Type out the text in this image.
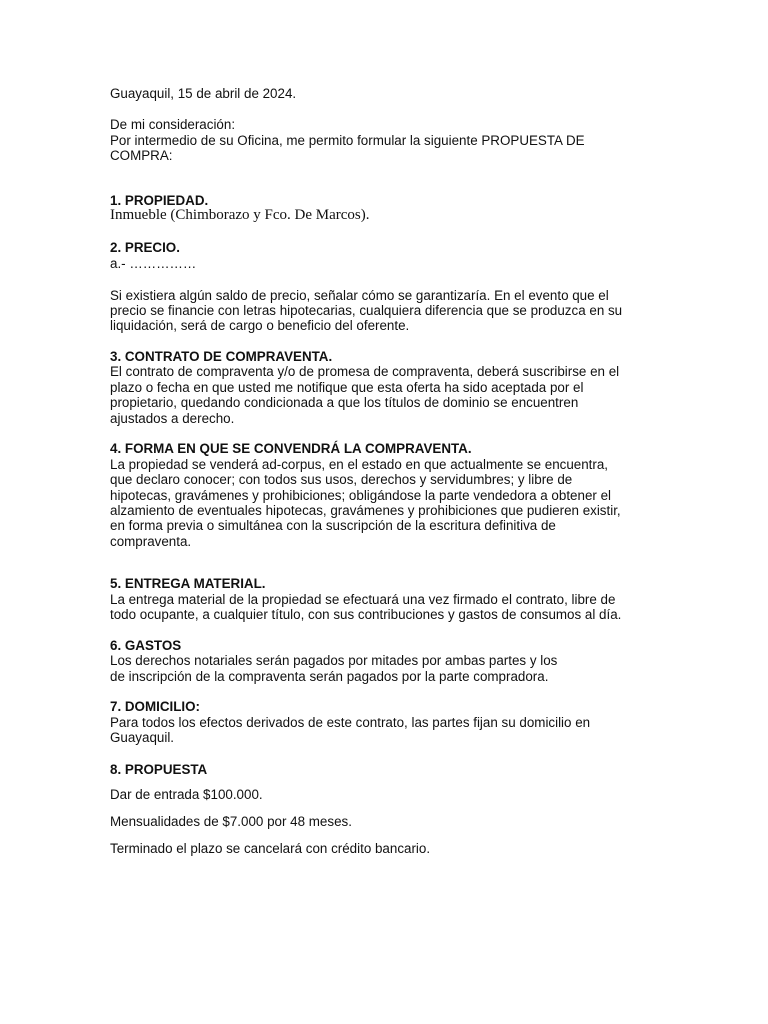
Guayaquil, 15 de abril de 2024.

De mi consideración:

Por intermedio de su Oficina, me permito formular la siguiente PROPUESTA DE

COMPRA:

1. PROPIEDAD.

Inmueble (Chimborazo y Fco. De Marcos).

2. PRECIO.

a.- ……………

Si existiera algún saldo de precio, señalar cómo se garantizaría. En el evento que el

precio se financie con letras hipotecarias, cualquiera diferencia que se produzca en su

liquidación, será de cargo o beneficio del oferente.

3. CONTRATO DE COMPRAVENTA.

El contrato de compraventa y/o de promesa de compraventa, deberá suscribirse en el

plazo o fecha en que usted me notifique que esta oferta ha sido aceptada por el

propietario, quedando condicionada a que los títulos de dominio se encuentren

ajustados a derecho.

4. FORMA EN QUE SE CONVENDRÁ LA COMPRAVENTA.

La propiedad se venderá ad-corpus, en el estado en que actualmente se encuentra,

que declaro conocer; con todos sus usos, derechos y servidumbres; y libre de

hipotecas, gravámenes y prohibiciones; obligándose la parte vendedora a obtener el

alzamiento de eventuales hipotecas, gravámenes y prohibiciones que pudieren existir,

en forma previa o simultánea con la suscripción de la escritura definitiva de

compraventa.

5. ENTREGA MATERIAL.

La entrega material de la propiedad se efectuará una vez firmado el contrato, libre de

todo ocupante, a cualquier título, con sus contribuciones y gastos de consumos al día.

6. GASTOS

Los derechos notariales serán pagados por mitades por ambas partes y los

de inscripción de la compraventa serán pagados por la parte compradora.

7. DOMICILIO:

Para todos los efectos derivados de este contrato, las partes fijan su domicilio en

Guayaquil.

8. PROPUESTA

Dar de entrada $100.000.

Mensualidades de $7.000 por 48 meses.

Terminado el plazo se cancelará con crédito bancario.
